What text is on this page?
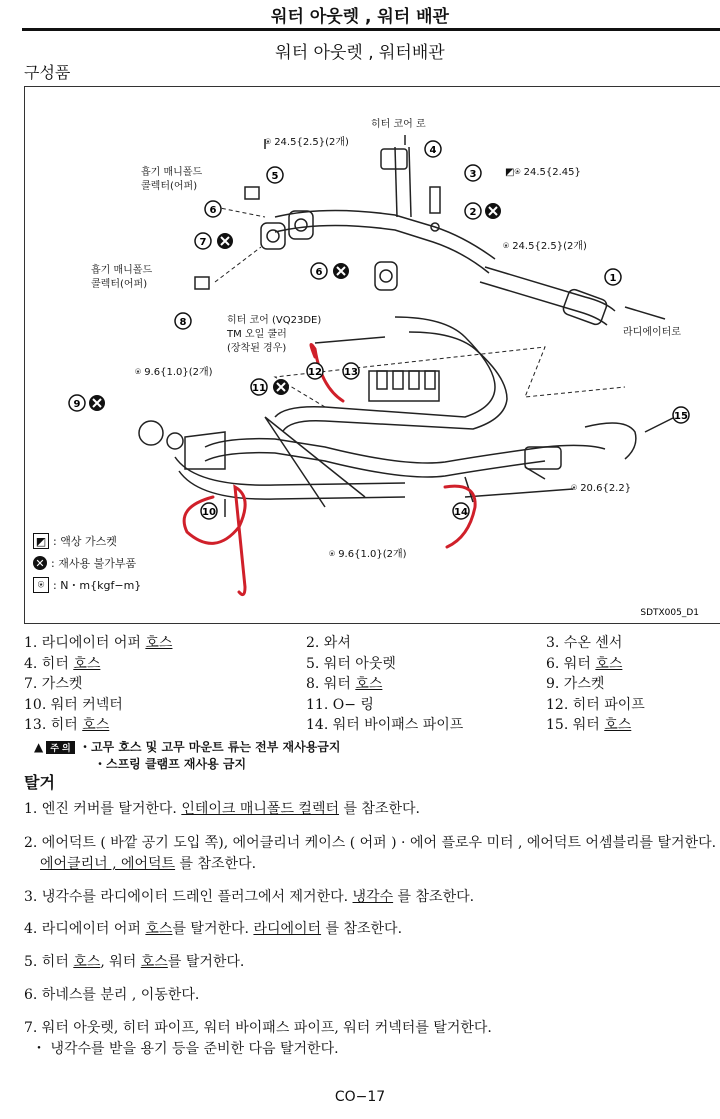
워터 아웃렛 , 워터 배관
워터 아웃렛 , 워터배관
구성품
4
5	3
6	2
7
1
6
8
12 13
11
9
15
10	14
SDTX005_D1
히터 코어 로
⍟ 24.5{2.5}(2개)
◩⍟ 24.5{2.45}
⍟ 24.5{2.5}(2개)
흡기 매니폴드
콜렉터(어퍼)
흡기 매니폴드
콜렉터(어퍼)
히터 코어 (VQ23DE)
TM 오일 쿨러
(장착된 경우)
라디에이터로
⍟ 9.6{1.0}(2개)
⍟ 20.6{2.2}
⍟ 9.6{1.0}(2개)
◩ : 액상 가스켓
✕ : 재사용 불가부품
⍟ : N・m{kgf−m}
1. 라디에이터 어퍼 호스	2. 와셔	3. 수온 센서
4. 히터 호스	5. 워터 아웃렛	6. 워터 호스
7. 가스켓	8. 워터 호스	9. 가스켓
10. 워터 커넥터	11. O− 링	12. 히터 파이프
13. 히터 호스	14. 워터 바이패스 파이프	15. 워터 호스
▲ 주 의 ・고무 호스 및 고무 마운트 류는 전부 재사용금지
・스프링 클램프 재사용 금지
탈거
1. 엔진 커버를 탈거한다. 인테이크 매니폴드 컬렉터 를 참조한다.
2. 에어덕트 ( 바깥 공기 도입 쪽), 에어클리너 케이스 ( 어퍼 ) · 에어 플로우 미터 , 에어덕트 어셈블리를 탈거한다.
에어클리너 , 에어덕트 를 참조한다.
3. 냉각수를 라디에이터 드레인 플러그에서 제거한다. 냉각수 를 참조한다.
4. 라디에이터 어퍼 호스를 탈거한다. 라디에이터 를 참조한다.
5. 히터 호스, 워터 호스를 탈거한다.
6. 하네스를 분리 , 이동한다.
7. 워터 아웃렛, 히터 파이프, 워터 바이패스 파이프, 워터 커넥터를 탈거한다.
・ 냉각수를 받을 용기 등을 준비한 다음 탈거한다.
CO−17
